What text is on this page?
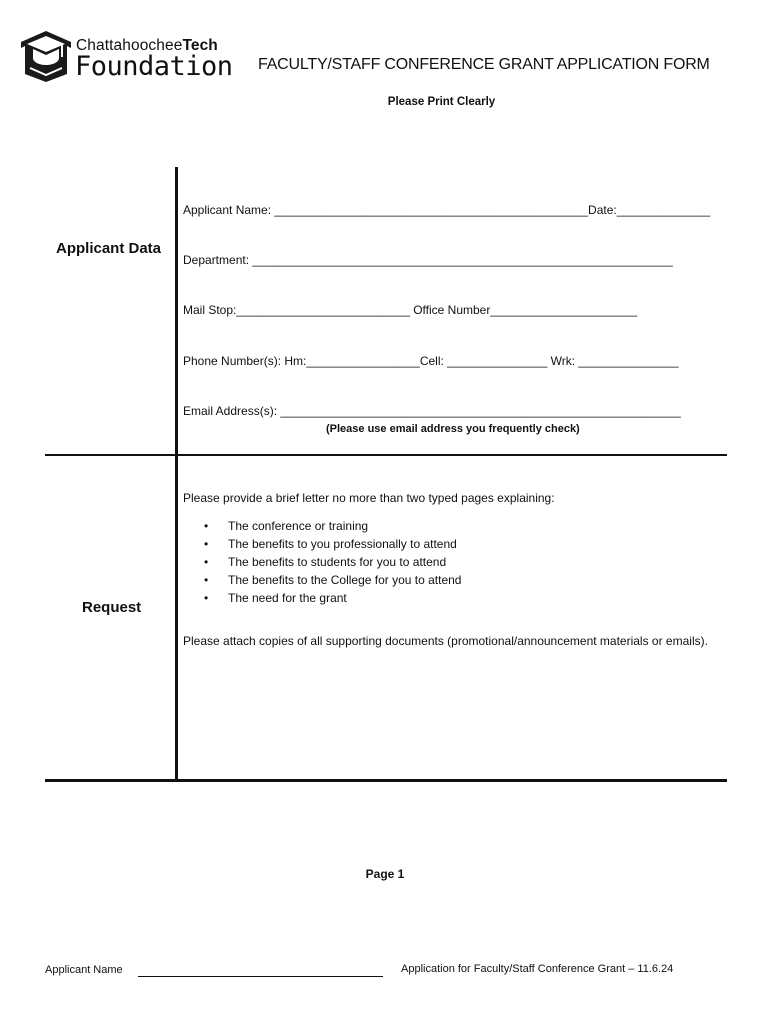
ChattahoocheeTech
Foundation FACULTY/STAFF CONFERENCE GRANT APPLICATION FORM
Please Print Clearly
Applicant Data
Request
Applicant Name: _______________________________________________Date:______________
Department: _______________________________________________________________
Mail Stop:__________________________ Office Number______________________
Phone Number(s): Hm:_________________Cell: _______________ Wrk: _______________
Email Address(s): ____________________________________________________________
(Please use email address you frequently check)
Please provide a brief letter no more than two typed pages explaining:
• The conference or training
• The benefits to you professionally to attend
• The benefits to students for you to attend
• The benefits to the College for you to attend
• The need for the grant
Please attach copies of all supporting documents (promotional/announcement materials or emails).
Page 1
Applicant Name	Application for Faculty/Staff Conference Grant – 11.6.24
